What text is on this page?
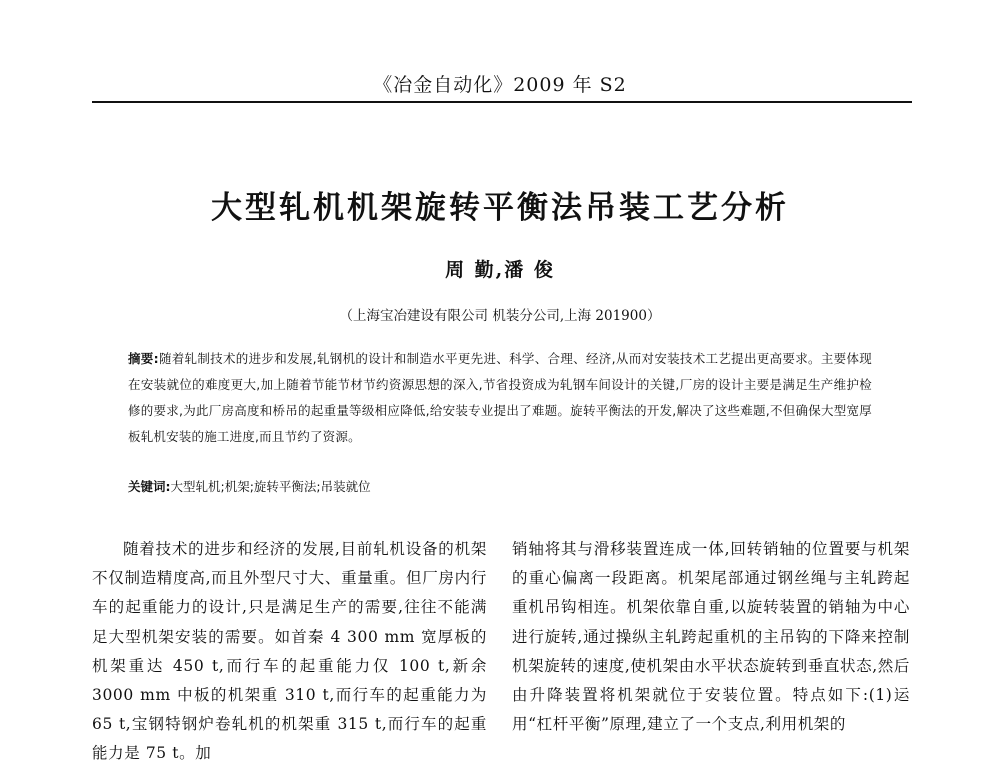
《冶金自动化》2009 年 S2
大型轧机机架旋转平衡法吊装工艺分析
周 勤,潘 俊
（上海宝冶建设有限公司 机装分公司,上海 201900）
摘要:随着轧制技术的进步和发展,轧钢机的设计和制造水平更先进、科学、合理、经济,从而对安装技术工艺提出更高要求。主要体现在安装就位的难度更大,加上随着节能节材节约资源思想的深入,节省投资成为轧钢车间设计的关键,厂房的设计主要是满足生产维护检修的要求,为此厂房高度和桥吊的起重量等级相应降低,给安装专业提出了难题。旋转平衡法的开发,解决了这些难题,不但确保大型宽厚板轧机安装的施工进度,而且节约了资源。
关键词:大型轧机;机架;旋转平衡法;吊装就位
随着技术的进步和经济的发展,目前轧机设备的机架不仅制造精度高,而且外型尺寸大、重量重。但厂房内行车的起重能力的设计,只是满足生产的需要,往往不能满足大型机架安装的需要。如首秦 4 300 mm 宽厚板的机架重达 450 t,而行车的起重能力仅 100 t,新余 3000 mm 中板的机架重 310 t,而行车的起重能力为 65 t,宝钢特钢炉卷轧机的机架重 315 t,而行车的起重能力是 75 t。加
销轴将其与滑移装置连成一体,回转销轴的位置要与机架的重心偏离一段距离。机架尾部通过钢丝绳与主轧跨起重机吊钩相连。机架依靠自重,以旋转装置的销轴为中心进行旋转,通过操纵主轧跨起重机的主吊钩的下降来控制机架旋转的速度,使机架由水平状态旋转到垂直状态,然后由升降装置将机架就位于安装位置。特点如下:(1)运用“杠杆平衡”原理,建立了一个支点,利用机架的
